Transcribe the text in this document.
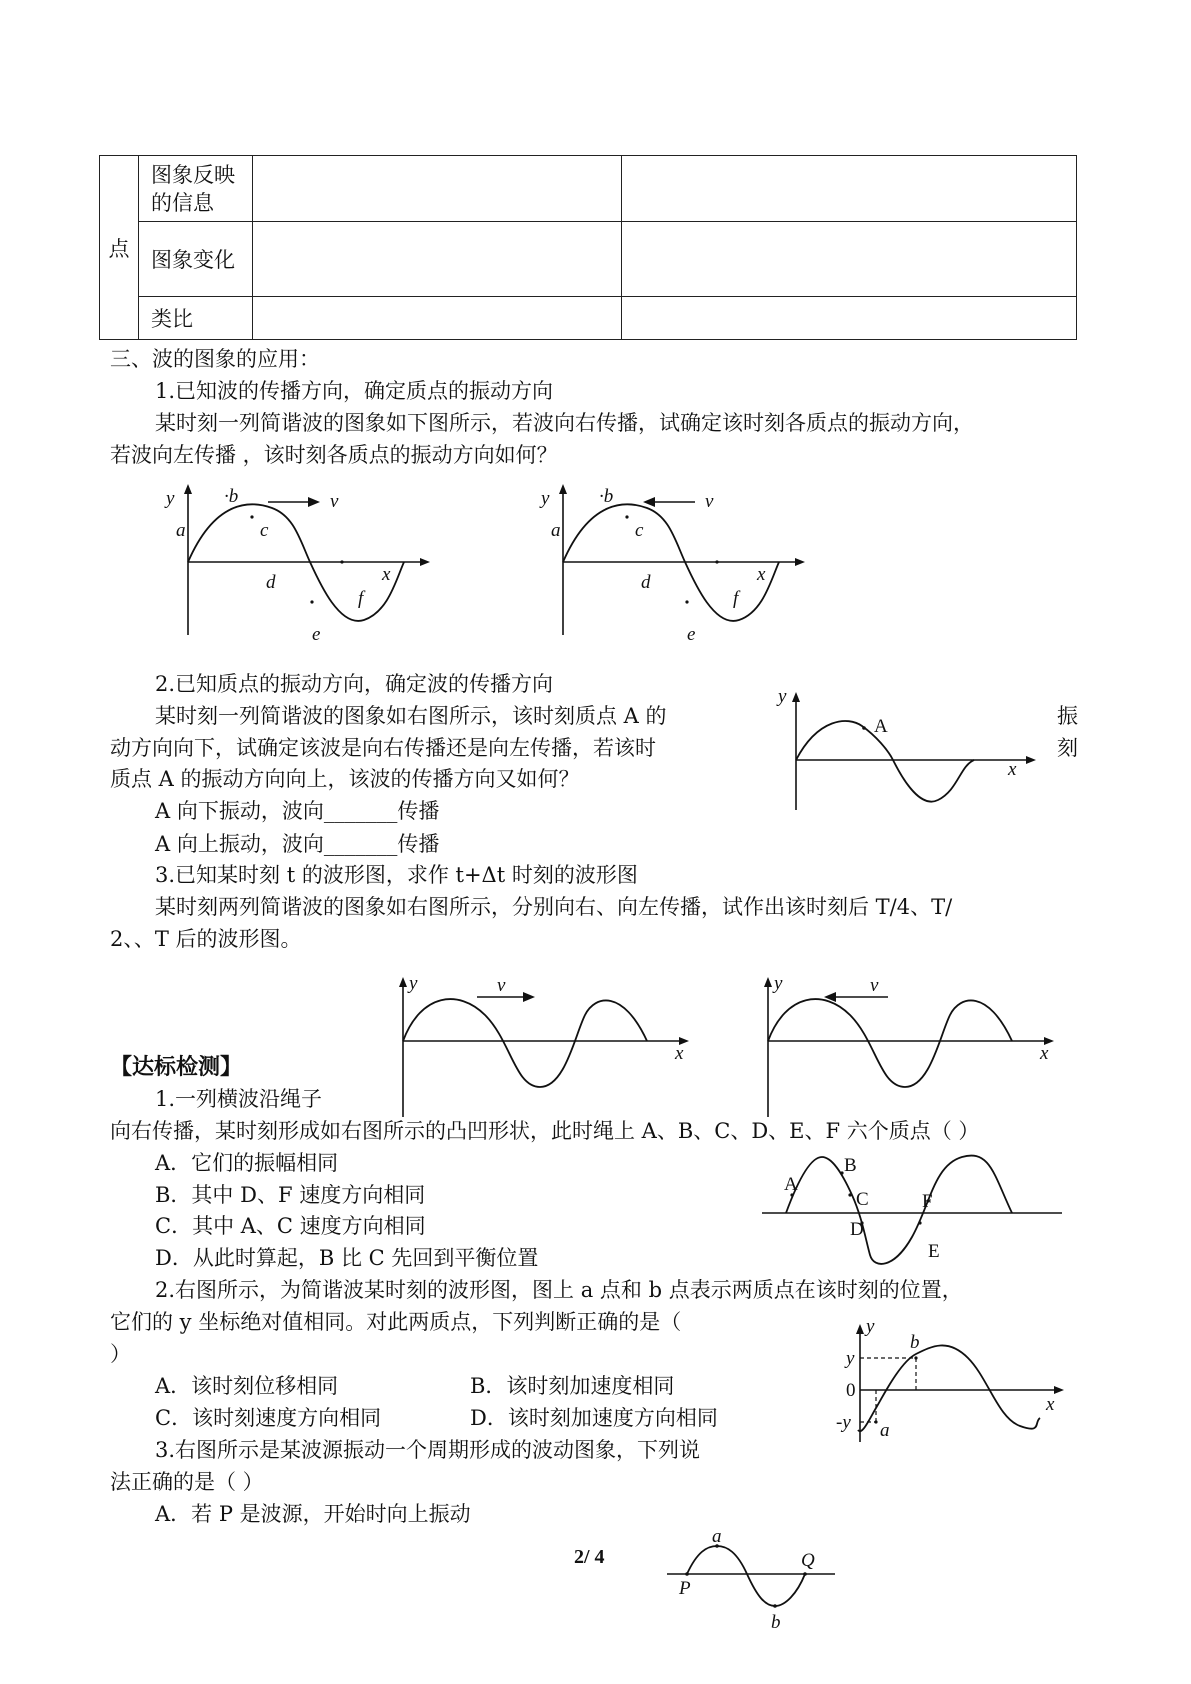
点	图象反映
的信息		
	图象变化		
	类比		
三、波的图象的应用：
1.已知波的传播方向，确定质点的振动方向
某时刻一列简谐波的图象如下图所示，若波向右传播，试确定该时刻各质点的振动方向，
若波向左传播 ，该时刻各质点的振动方向如何？
y	v
·b
a	c
d
e
f
x
y	v
·b
a	c
d
e
f
x
2.已知质点的振动方向，确定波的传播方向
某时刻一列简谐波的图象如右图所示，该时刻质点 A 的	振
动方向向下，试确定该波是向右传播还是向左传播，若该时	刻
质点 A 的振动方向向上，该波的传播方向又如何？
A 向下振动，波向_______传播
A 向上振动，波向_______传播
y
A
x
3.已知某时刻 t 的波形图，求作 t+Δt 时刻的波形图
某时刻两列简谐波的图象如右图所示，分别向右、向左传播，试作出该时刻后 T/4、T/
2、、T 后的波形图。
y	v
x
y	v
x
【达标检测】
1.一列横波沿绳子
向右传播，某时刻形成如右图所示的凸凹形状，此时绳上 A、B、C、D、E、F 六个质点（ ）
A．它们的振幅相同
B．其中 D、F 速度方向相同
C．其中 A、C 速度方向相同
D．从此时算起，B 比 C 先回到平衡位置
A
B
C
D
E
F
2.右图所示，为简谐波某时刻的波形图，图上 a 点和 b 点表示两质点在该时刻的位置，
它们的 y 坐标绝对值相同。对此两质点，下列判断正确的是（
）
A．该时刻位移相同	B．该时刻加速度相同
C．该时刻速度方向相同	D．该时刻加速度方向相同
y
y
0
-y
b
a
x
3.右图所示是某波源振动一个周期形成的波动图象，下列说
法正确的是（ ）
A．若 P 是波源，开始时向上振动
2/ 4
a
P
Q
b
